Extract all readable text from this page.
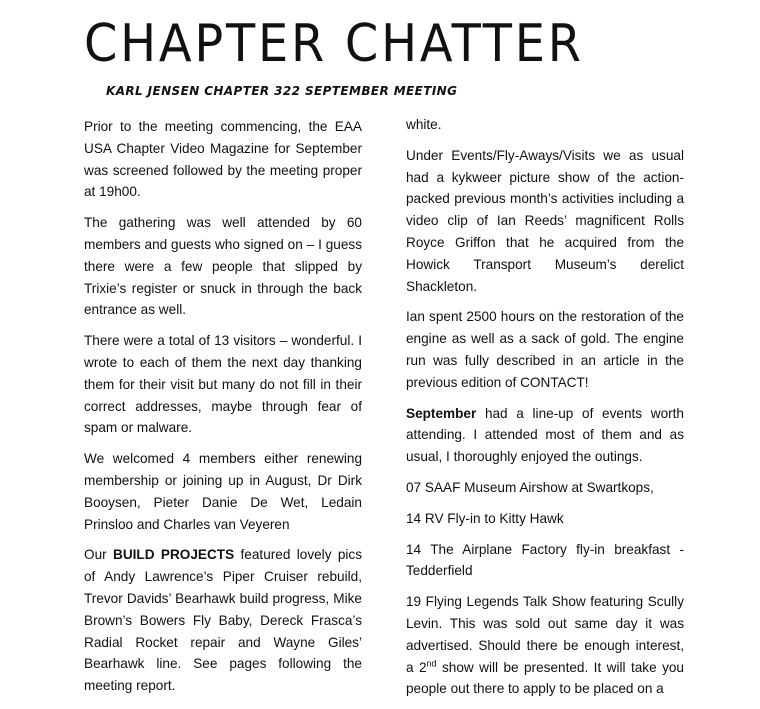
CHAPTER CHATTER
KARL JENSEN CHAPTER 322 SEPTEMBER MEETING

Prior to the meeting commencing, the EAA USA Chapter Video Magazine for September was screened followed by the meeting proper at 19h00.

The gathering was well attended by 60 members and guests who signed on – I guess there were a few people that slipped by Trixie’s register or snuck in through the back entrance as well.

There were a total of 13 visitors – wonderful. I wrote to each of them the next day thanking them for their visit but many do not fill in their correct addresses, maybe through fear of spam or malware.

We welcomed 4 members either renewing membership or joining up in August, Dr Dirk Booysen, Pieter Danie De Wet, Ledain Prinsloo and Charles van Veyeren

Our BUILD PROJECTS featured lovely pics of Andy Lawrence’s Piper Cruiser rebuild, Trevor Davids’ Bearhawk build progress, Mike Brown’s Bowers Fly Baby, Dereck Frasca’s Radial Rocket repair and Wayne Giles’ Bearhawk line. See pages following the meeting report.

white.

Under Events/Fly-Aways/Visits we as usual had a kykweer picture show of the action-packed previous month’s activities including a video clip of Ian Reeds’ magnificent Rolls Royce Griffon that he acquired from the Howick Transport Museum’s derelict Shackleton.

Ian spent 2500 hours on the restoration of the engine as well as a sack of gold. The engine run was fully described in an article in the previous edition of CONTACT!

September had a line-up of events worth attending. I attended most of them and as usual, I thoroughly enjoyed the outings.

07 SAAF Museum Airshow at Swartkops,

14 RV Fly-in to Kitty Hawk

14 The Airplane Factory fly-in breakfast - Tedderfield

19 Flying Legends Talk Show featuring Scully Levin. This was sold out same day it was advertised. Should there be enough interest, a 2nd show will be presented. It will take you people out there to apply to be placed on a
